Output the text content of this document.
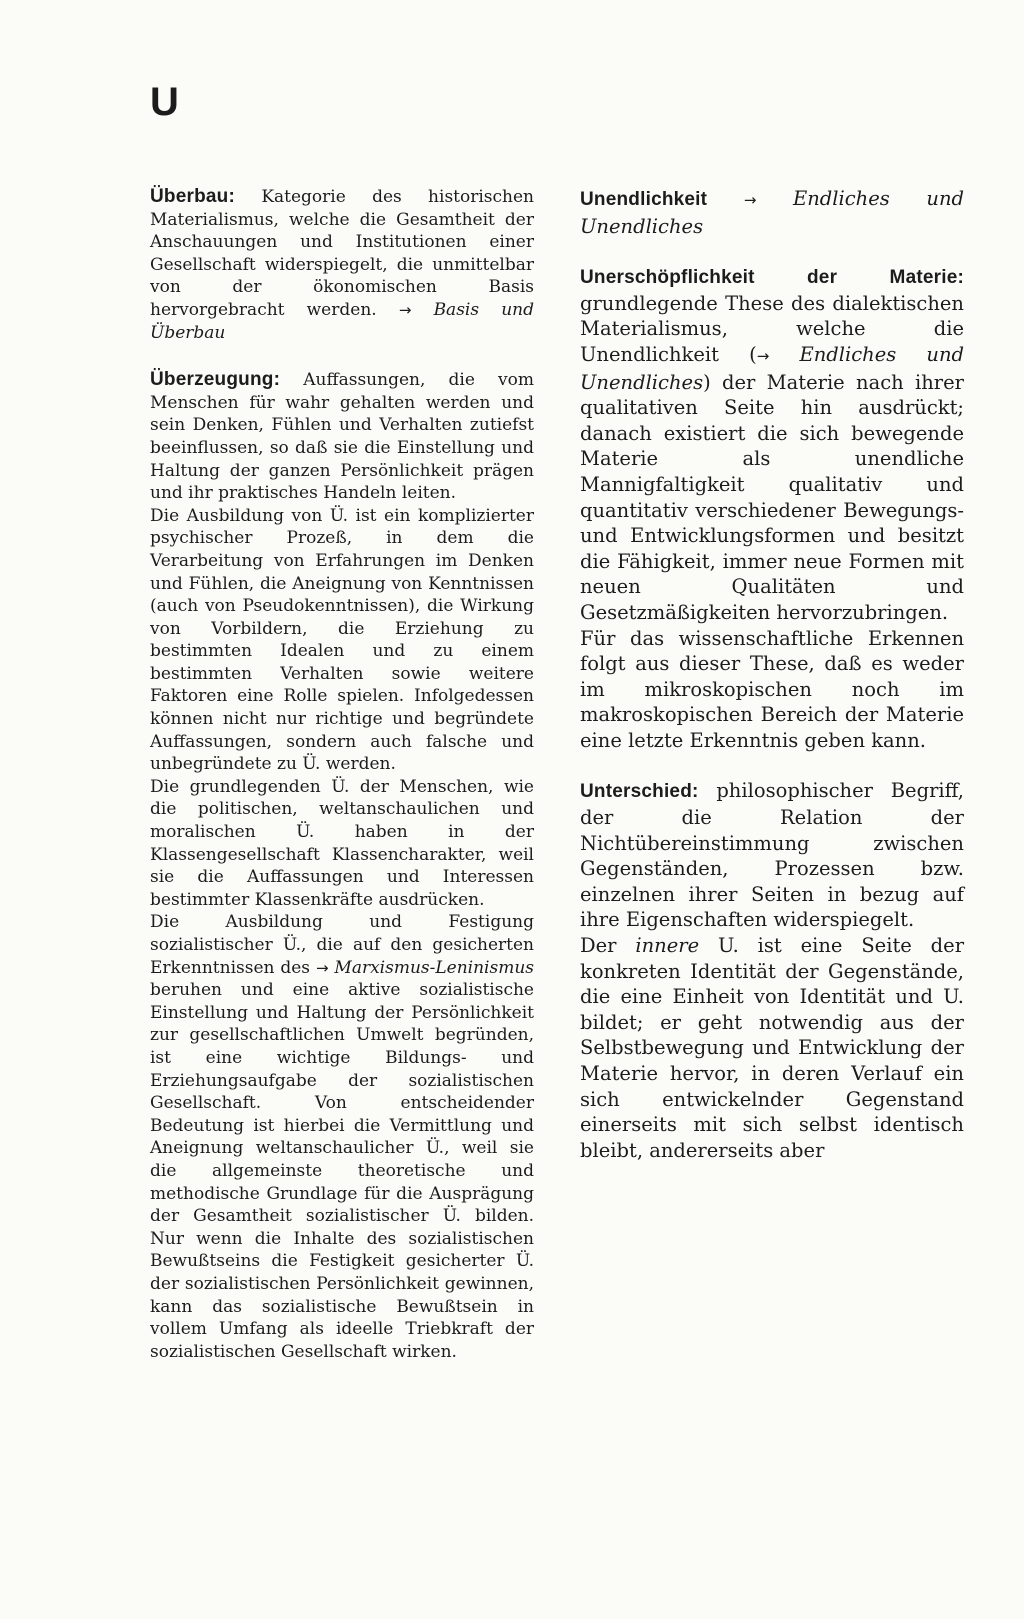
U

Überbau: Kategorie des historischen Materialismus, welche die Gesamtheit der Anschauungen und Institutionen einer Gesellschaft widerspiegelt, die unmittelbar von der ökonomischen Basis hervorgebracht werden. → Basis und Überbau

Überzeugung: Auffassungen, die vom Menschen für wahr gehalten werden und sein Denken, Fühlen und Verhalten zutiefst beeinflussen, so daß sie die Einstellung und Haltung der ganzen Persönlichkeit prägen und ihr praktisches Handeln leiten.

Die Ausbildung von Ü. ist ein komplizierter psychischer Prozeß, in dem die Verarbeitung von Erfahrungen im Denken und Fühlen, die Aneignung von Kenntnissen (auch von Pseudokenntnissen), die Wirkung von Vorbildern, die Erziehung zu bestimmten Idealen und zu einem bestimmten Verhalten sowie weitere Faktoren eine Rolle spielen. Infolgedessen können nicht nur richtige und begründete Auffassungen, sondern auch falsche und unbegründete zu Ü. werden.

Die grundlegenden Ü. der Menschen, wie die politischen, weltanschaulichen und moralischen Ü. haben in der Klassengesellschaft Klassencharakter, weil sie die Auffassungen und Interessen bestimmter Klassenkräfte ausdrücken.

Die Ausbildung und Festigung sozialistischer Ü., die auf den gesicherten Erkenntnissen des → Marxismus-Leninismus beruhen und eine aktive sozialistische Einstellung und Haltung der Persönlichkeit zur gesellschaftlichen Umwelt begründen, ist eine wichtige Bildungs- und Erziehungsaufgabe der sozialistischen Gesellschaft. Von entscheidender Bedeutung ist hierbei die Vermittlung und Aneignung weltanschaulicher Ü., weil sie die allgemeinste theoretische und methodische Grundlage für die Ausprägung der Gesamtheit sozialistischer Ü. bilden. Nur wenn die Inhalte des sozialistischen Bewußtseins die Festigkeit gesicherter Ü. der sozialistischen Persönlichkeit gewinnen, kann das sozialistische Bewußtsein in vollem Umfang als ideelle Triebkraft der sozialistischen Gesellschaft wirken.

Unendlichkeit → Endliches und Unendliches

Unerschöpflichkeit der Materie: grundlegende These des dialektischen Materialismus, welche die Unendlichkeit (→ Endliches und Unendliches) der Materie nach ihrer qualitativen Seite hin ausdrückt; danach existiert die sich bewegende Materie als unendliche Mannigfaltigkeit qualitativ und quantitativ verschiedener Bewegungs- und Entwicklungsformen und besitzt die Fähigkeit, immer neue Formen mit neuen Qualitäten und Gesetzmäßigkeiten hervorzubringen.

Für das wissenschaftliche Erkennen folgt aus dieser These, daß es weder im mikroskopischen noch im makroskopischen Bereich der Materie eine letzte Erkenntnis geben kann.

Unterschied: philosophischer Begriff, der die Relation der Nichtübereinstimmung zwischen Gegenständen, Prozessen bzw. einzelnen ihrer Seiten in bezug auf ihre Eigenschaften widerspiegelt.

Der innere U. ist eine Seite der konkreten Identität der Gegenstände, die eine Einheit von Identität und U. bildet; er geht notwendig aus der Selbstbewegung und Entwicklung der Materie hervor, in deren Verlauf ein sich entwickelnder Gegenstand einerseits mit sich selbst identisch bleibt, andererseits aber
